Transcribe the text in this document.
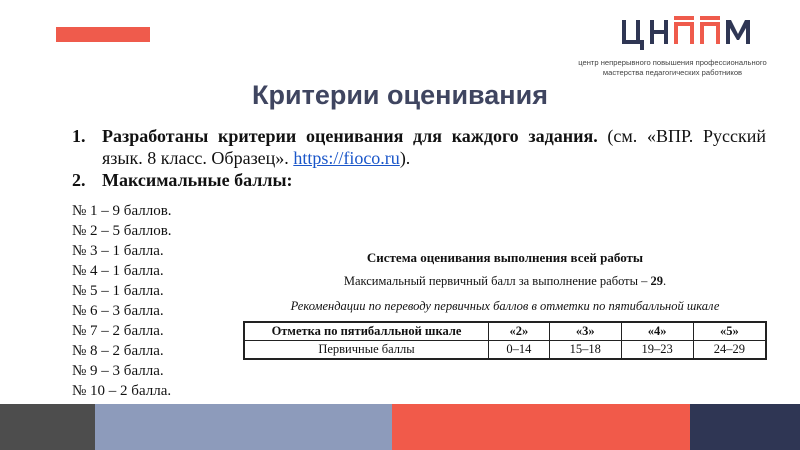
центр непрерывного повышения профессионального
мастерства педагогических работников
Критерии оценивания
1. Разработаны критерии оценивания для каждого задания. (см. «ВПР. Русский язык. 8 класс. Образец». https://fioco.ru).
2. Максимальные баллы:
№ 1 – 9 баллов.
№ 2 – 5 баллов.
№ 3 – 1 балла.
№ 4 – 1 балла.
№ 5 – 1 балла.
№ 6 – 3 балла.
№ 7 – 2 балла.
№ 8 – 2 балла.
№ 9 – 3 балла.
№ 10 – 2 балла.
Система оценивания выполнения всей работы
Максимальный первичный балл за выполнение работы – 29.
Рекомендации по переводу первичных баллов в отметки по пятибалльной шкале
Отметка по пятибалльной шкале	«2»	«3»	«4»	«5»
Первичные баллы	0–14	15–18	19–23	24–29
